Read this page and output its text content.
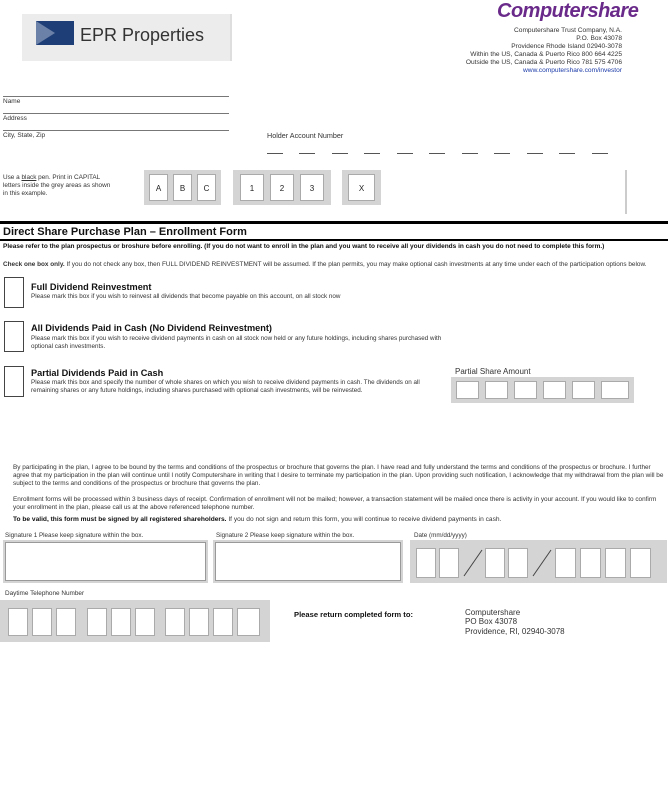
EPR Properties
Computershare
Computershare Trust Company, N.A.
P.O. Box 43078
Providence Rhode Island 02940-3078
Within the US, Canada & Puerto Rico 800 664 4225
Outside the US, Canada & Puerto Rico 781 575 4706
www.computershare.com/investor
Name
Address
City, State, Zip	Holder Account Number
Use a black pen. Print in CAPITAL letters inside the grey areas as shown in this example.
A	B	C	1	2	3	X
Direct Share Purchase Plan – Enrollment Form
Please refer to the plan prospectus or broshure before enrolling. (If you do not want to enroll in the plan and you want to receive all your dividends in cash you do not need to complete this form.)
Check one box only. If you do not check any box, then FULL DIVIDEND REINVESTMENT will be assumed. If the plan permits, you may make optional cash investments at any time under each of the participation options below.
Full Dividend Reinvestment
Please mark this box if you wish to reinvest all dividends that become payable on this account, on all stock now
All Dividends Paid in Cash (No Dividend Reinvestment)
Please mark this box if you wish to receive dividend payments in cash on all stock now held or any future holdings, including shares purchased with optional cash investments.
Partial Dividends Paid in Cash
Please mark this box and specify the number of whole shares on which you wish to receive dividend payments in cash. The dividends on all remaining shares or any future holdings, including shares purchased with optional cash investments, will be reinvested.
Partial Share Amount
By participating in the plan, I agree to be bound by the terms and conditions of the prospectus or brochure that governs the plan. I have read and fully understand the terms and conditions of the prospectus or brochure. I further agree that my participation in the plan will continue until I notify Computershare in writing that I desire to terminate my participation in the plan. Upon providing such notification, I acknowledge that my withdrawal from the plan will be subject to the terms and conditions of the prospectus or brochure that governs the plan.
Enrollment forms will be processed within 3 business days of receipt. Confirmation of enrollment will not be mailed; however, a transaction statement will be mailed once there is activity in your account. If you would like to confirm your enrollment in the plan, please call us at the above referenced telephone number.
To be valid, this form must be signed by all registered shareholders. If you do not sign and return this form, you will continue to receive dividend payments in cash.
Signature 1 Please keep signature within the box.	Signature 2 Please keep signature within the box.	Date (mm/dd/yyyy)
Daytime Telephone Number
Please return completed form to:	Computershare
PO Box 43078
Providence, RI, 02940-3078
